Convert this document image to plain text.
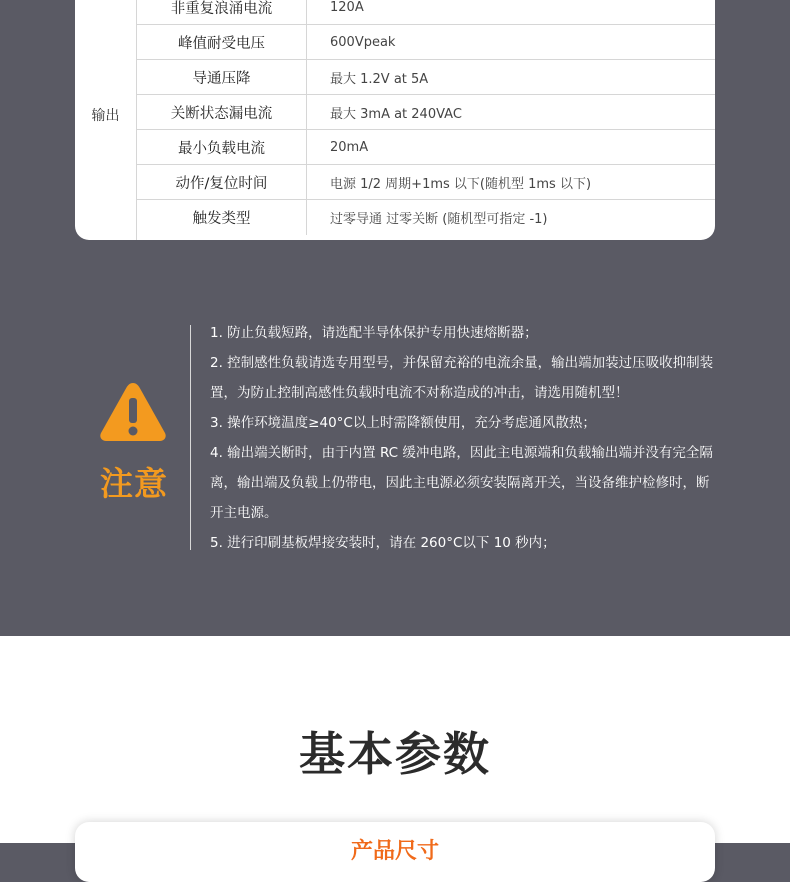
输出
非重复浪涌电流	120A
峰值耐受电压	600Vpeak
导通压降	最大 1.2V at 5A
关断状态漏电流	最大 3mA at 240VAC
最小负载电流	20mA
动作/复位时间	电源 1/2 周期+1ms 以下(随机型 1ms 以下)
触发类型	过零导通 过零关断 (随机型可指定 -1)
注意
1. 防止负载短路，请选配半导体保护专用快速熔断器；
2. 控制感性负载请选专用型号，并保留充裕的电流余量，输出端加装过压吸收抑制装置，为防止控制高感性负载时电流不对称造成的冲击，请选用随机型！
3. 操作环境温度≥40°C以上时需降额使用，充分考虑通风散热；
4. 输出端关断时，由于内置 RC 缓冲电路，因此主电源端和负载输出端并没有完全隔离，输出端及负载上仍带电，因此主电源必须安装隔离开关，当设备维护检修时，断开主电源。
5. 进行印刷基板焊接安装时，请在 260°C以下 10 秒内；
基本参数
产品尺寸
